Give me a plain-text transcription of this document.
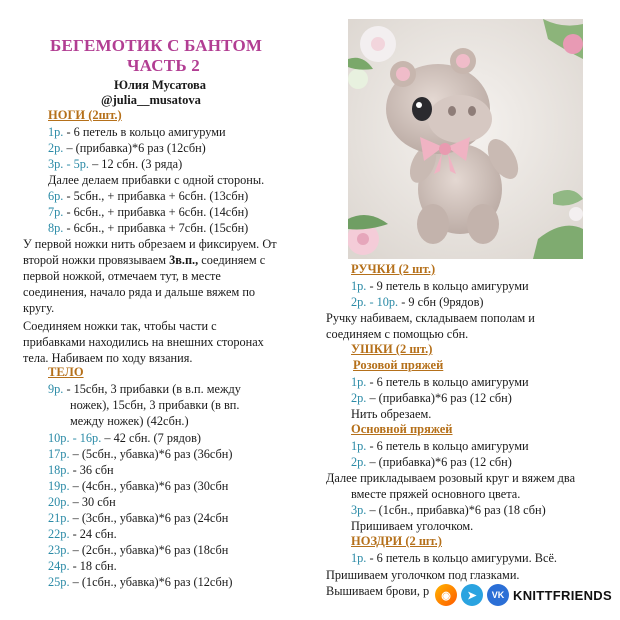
БЕГЕМОТИК С БАНТОМ
ЧАСТЬ 2
Юлия Мусатова
@julia__musatova
НОГИ (2шт.)
1р. - 6 петель в кольцо амигуруми
2р. – (прибавка)*6 раз (12сбн)
3р. - 5р. – 12 сбн. (3 ряда)
Далее делаем прибавки с одной стороны.
6р. - 5сбн., + прибавка + 6сбн. (13сбн)
7р. - 6сбн., + прибавка + 6сбн. (14сбн)
8р. - 6сбн., + прибавка + 7сбн. (15сбн)
У первой ножки нить обрезаем и фиксируем. От
второй ножки провязываем 3в.п., соединяем с
первой ножкой, отмечаем тут, в месте
соединения, начало ряда и дальше вяжем по
кругу.
Соединяем ножки так, чтобы части с
прибавками находились на внешних сторонах
тела. Набиваем по ходу вязания.
ТЕЛО
9р. - 15сбн, 3 прибавки (в в.п. между
ножек), 15сбн, 3 прибавки (в вп.
между ножек) (42сбн.)
10р. - 16р. – 42 сбн. (7 рядов)
17р. – (5сбн., убавка)*6 раз (36сбн)
18р. - 36 сбн
19р. – (4сбн., убавка)*6 раз (30сбн
20р. – 30 сбн
21р. – (3сбн., убавка)*6 раз (24сбн
22р. - 24 сбн.
23р. – (2сбн., убавка)*6 раз (18сбн
24р. - 18 сбн.
25р. – (1сбн., убавка)*6 раз (12сбн)
РУЧКИ (2 шт.)
1р. - 9 петель в кольцо амигуруми
2р. - 10р. - 9 сбн (9рядов)
Ручку набиваем, складываем пополам и
соединяем с помощью сбн.
УШКИ (2 шт.)
Розовой пряжей
1р. - 6 петель в кольцо амигуруми
2р. – (прибавка)*6 раз (12 сбн)
Нить обрезаем.
Основной пряжей
1р. - 6 петель в кольцо амигуруми
2р. – (прибавка)*6 раз (12 сбн)
Далее прикладываем розовый круг и вяжем два
вместе пряжей основного цвета.
3р. – (1сбн., прибавка)*6 раз (18 сбн)
Пришиваем уголочком.
НОЗДРИ (2 шт.)
1р. - 6 петель в кольцо амигуруми. Всё.
Пришиваем уголочком под глазками.
Вышиваем брови, р	◉	➤	VK KNITTFRIENDS
